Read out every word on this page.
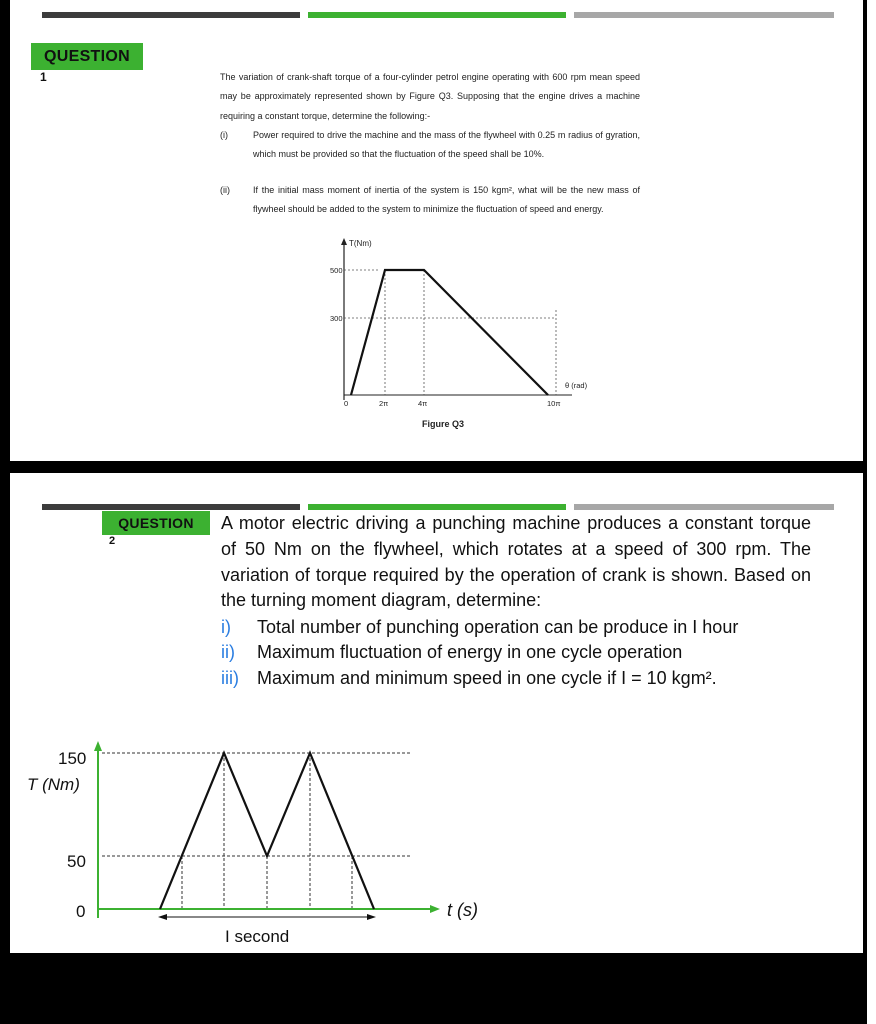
QUESTION
1	The variation of crank-shaft torque of a four-cylinder petrol engine operating with 600 rpm mean speed may be approximately represented shown by Figure Q3. Supposing that the engine drives a machine requiring a constant torque, determine the following:-
(i)	Power required to drive the machine and the mass of the flywheel with 0.25 m radius of gyration, which must be provided so that the fluctuation of the speed shall be 10%.
(ii)	If the initial mass moment of inertia of the system is 150 kgm², what will be the new mass of flywheel should be added to the system to minimize the fluctuation of speed and energy.
T(Nm)
500
300
0	2π	4π	10π
θ (rad)
Figure Q3
QUESTION
2
A motor electric driving a punching machine produces a constant torque of 50 Nm on the flywheel, which rotates at a speed of 300 rpm. The variation of torque required by the operation of crank is shown. Based on the turning moment diagram, determine:
i) Total number of punching operation can be produce in I hour
ii) Maximum fluctuation of energy in one cycle operation
iii) Maximum and minimum speed in one cycle if I = 10 kgm².
150
T (Nm)
50
0	t (s)
I second
